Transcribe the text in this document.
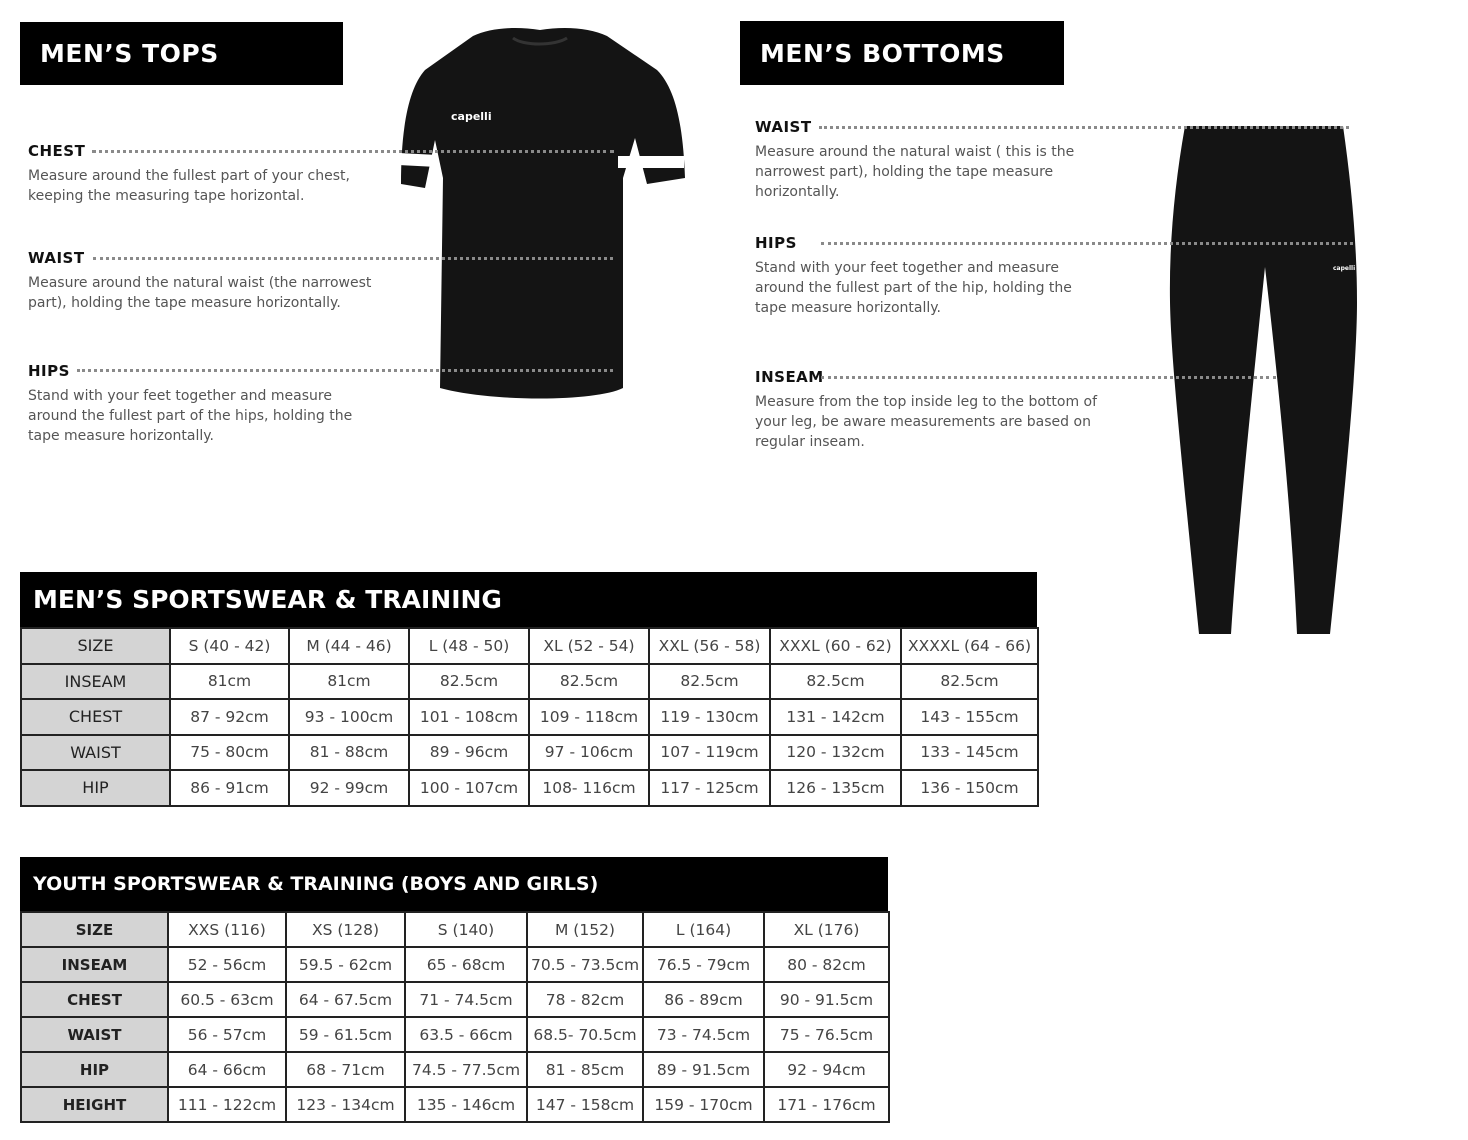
MEN’S TOPS
CHEST
Measure around the fullest part of your chest, keeping the measuring tape horizontal.
WAIST
Measure around the natural waist (the narrowest part), holding the tape measure horizontally.
HIPS
Stand with your feet together and measure around the fullest part of the hips, holding the tape measure horizontally.
capelli
MEN’S BOTTOMS
WAIST
Measure around the natural waist ( this is the narrowest part), holding the tape measure horizontally.
HIPS
Stand with your feet together and measure around the fullest part of the hip, holding the tape measure horizontally.
INSEAM
Measure from the top inside leg to the bottom of your leg, be aware measurements are based on regular inseam.
capelli
MEN’S SPORTSWEAR & TRAINING
SIZE	S (40 - 42)	M (44 - 46)	L (48 - 50)	XL (52 - 54)	XXL (56 - 58)	XXXL (60 - 62)	XXXXL (64 - 66)
INSEAM	81cm	81cm	82.5cm	82.5cm	82.5cm	82.5cm	82.5cm
CHEST	87 - 92cm	93 - 100cm	101 - 108cm	109 - 118cm	119 - 130cm	131 - 142cm	143 - 155cm
WAIST	75 - 80cm	81 - 88cm	89 - 96cm	97 - 106cm	107 - 119cm	120 - 132cm	133 - 145cm
HIP	86 - 91cm	92 - 99cm	100 - 107cm	108- 116cm	117 - 125cm	126 - 135cm	136 - 150cm
YOUTH SPORTSWEAR & TRAINING (BOYS AND GIRLS)
SIZE	XXS (116)	XS (128)	S (140)	M (152)	L (164)	XL (176)
INSEAM	52 - 56cm	59.5 - 62cm	65 - 68cm	70.5 - 73.5cm	76.5 - 79cm	80 - 82cm
CHEST	60.5 - 63cm	64 - 67.5cm	71 - 74.5cm	78 - 82cm	86 - 89cm	90 - 91.5cm
WAIST	56 - 57cm	59 - 61.5cm	63.5 - 66cm	68.5- 70.5cm	73 - 74.5cm	75 - 76.5cm
HIP	64 - 66cm	68 - 71cm	74.5 - 77.5cm	81 - 85cm	89 - 91.5cm	92 - 94cm
HEIGHT	111 - 122cm	123 - 134cm	135 - 146cm	147 - 158cm	159 - 170cm	171 - 176cm
